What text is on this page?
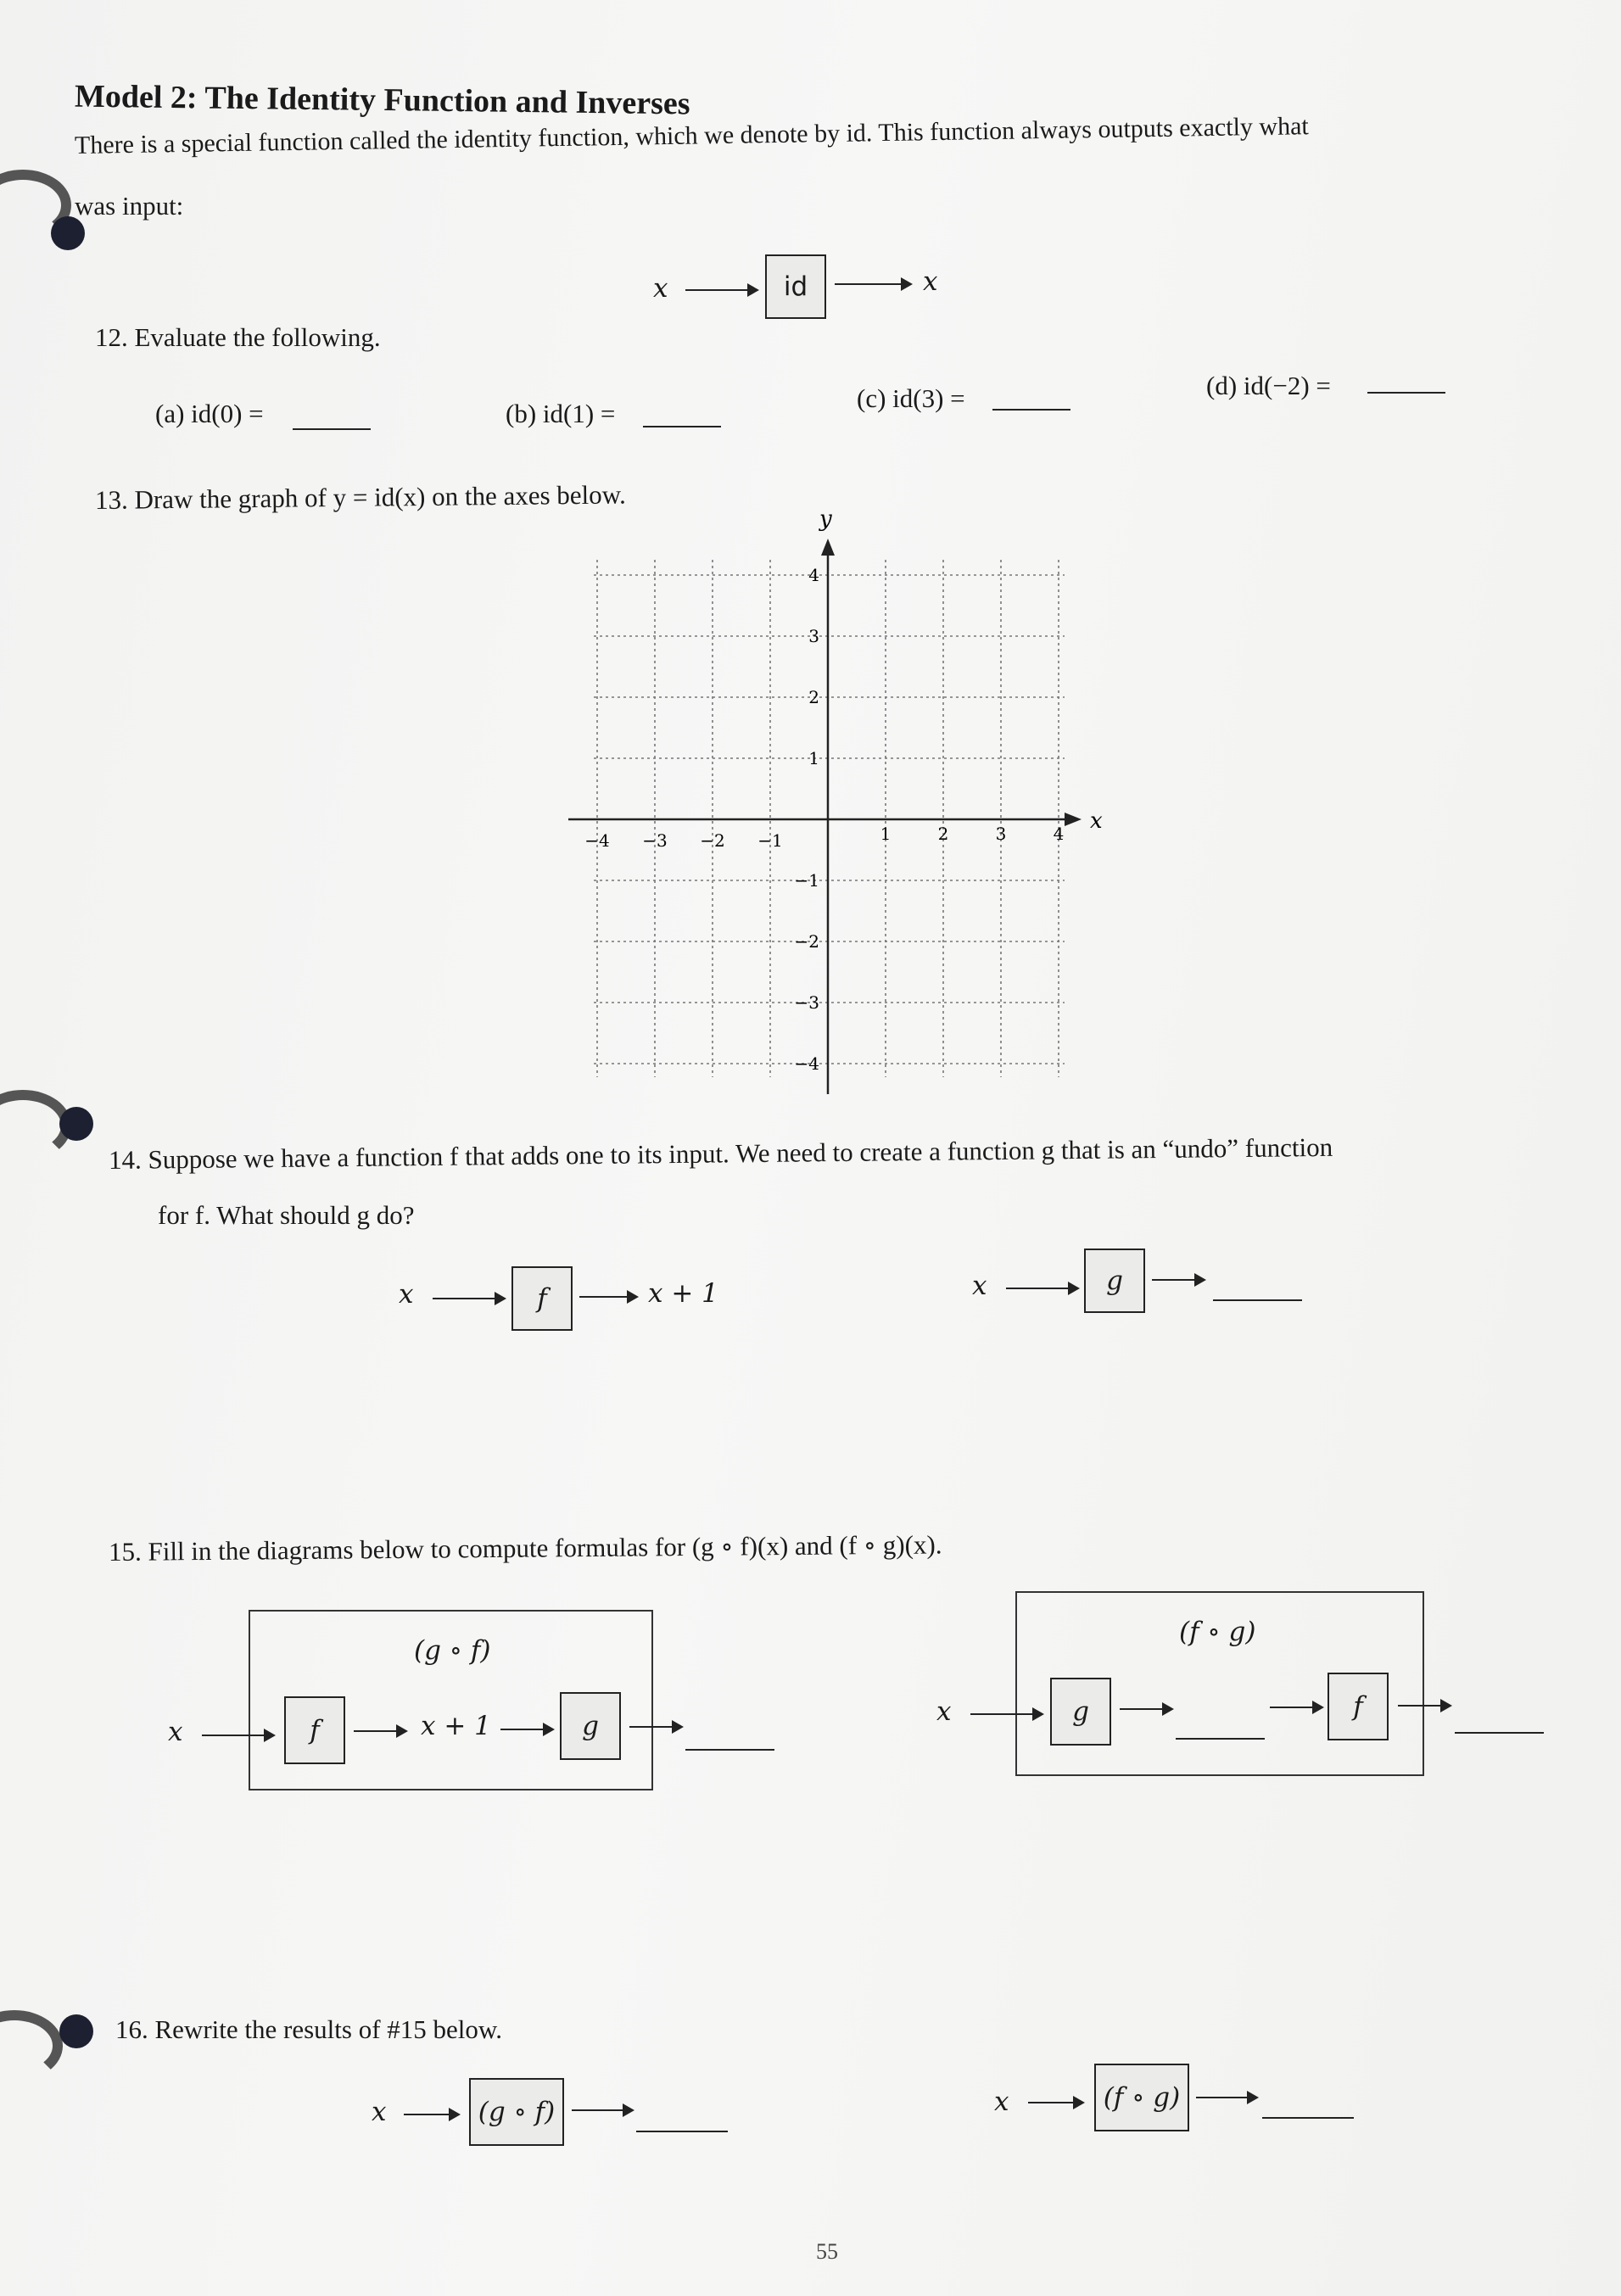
Model 2: The Identity Function and Inverses
There is a special function called the identity function, which we denote by id. This function always outputs exactly what
was input:
x	id	x
12. Evaluate the following.
(a) id(0) =	(b) id(1) =
(c) id(3) =	(d) id(−2) =
13. Draw the graph of y = id(x) on the axes below.
x
y
−4 −3 −2 −1	1	2	3	4
4
3
2
1
−1
−2
−3
−4
14. Suppose we have a function f that adds one to its input. We need to create a function g that is an “undo” function
for f. What should g do?
x	f	x + 1	x	g
15. Fill in the diagrams below to compute formulas for (g ∘ f)(x) and (f ∘ g)(x).
(g ∘ f)
x	f	x + 1	g
(f ∘ g)
x	g	f
16. Rewrite the results of #15 below.
x	(g ∘ f)	x	(f ∘ g)
55
